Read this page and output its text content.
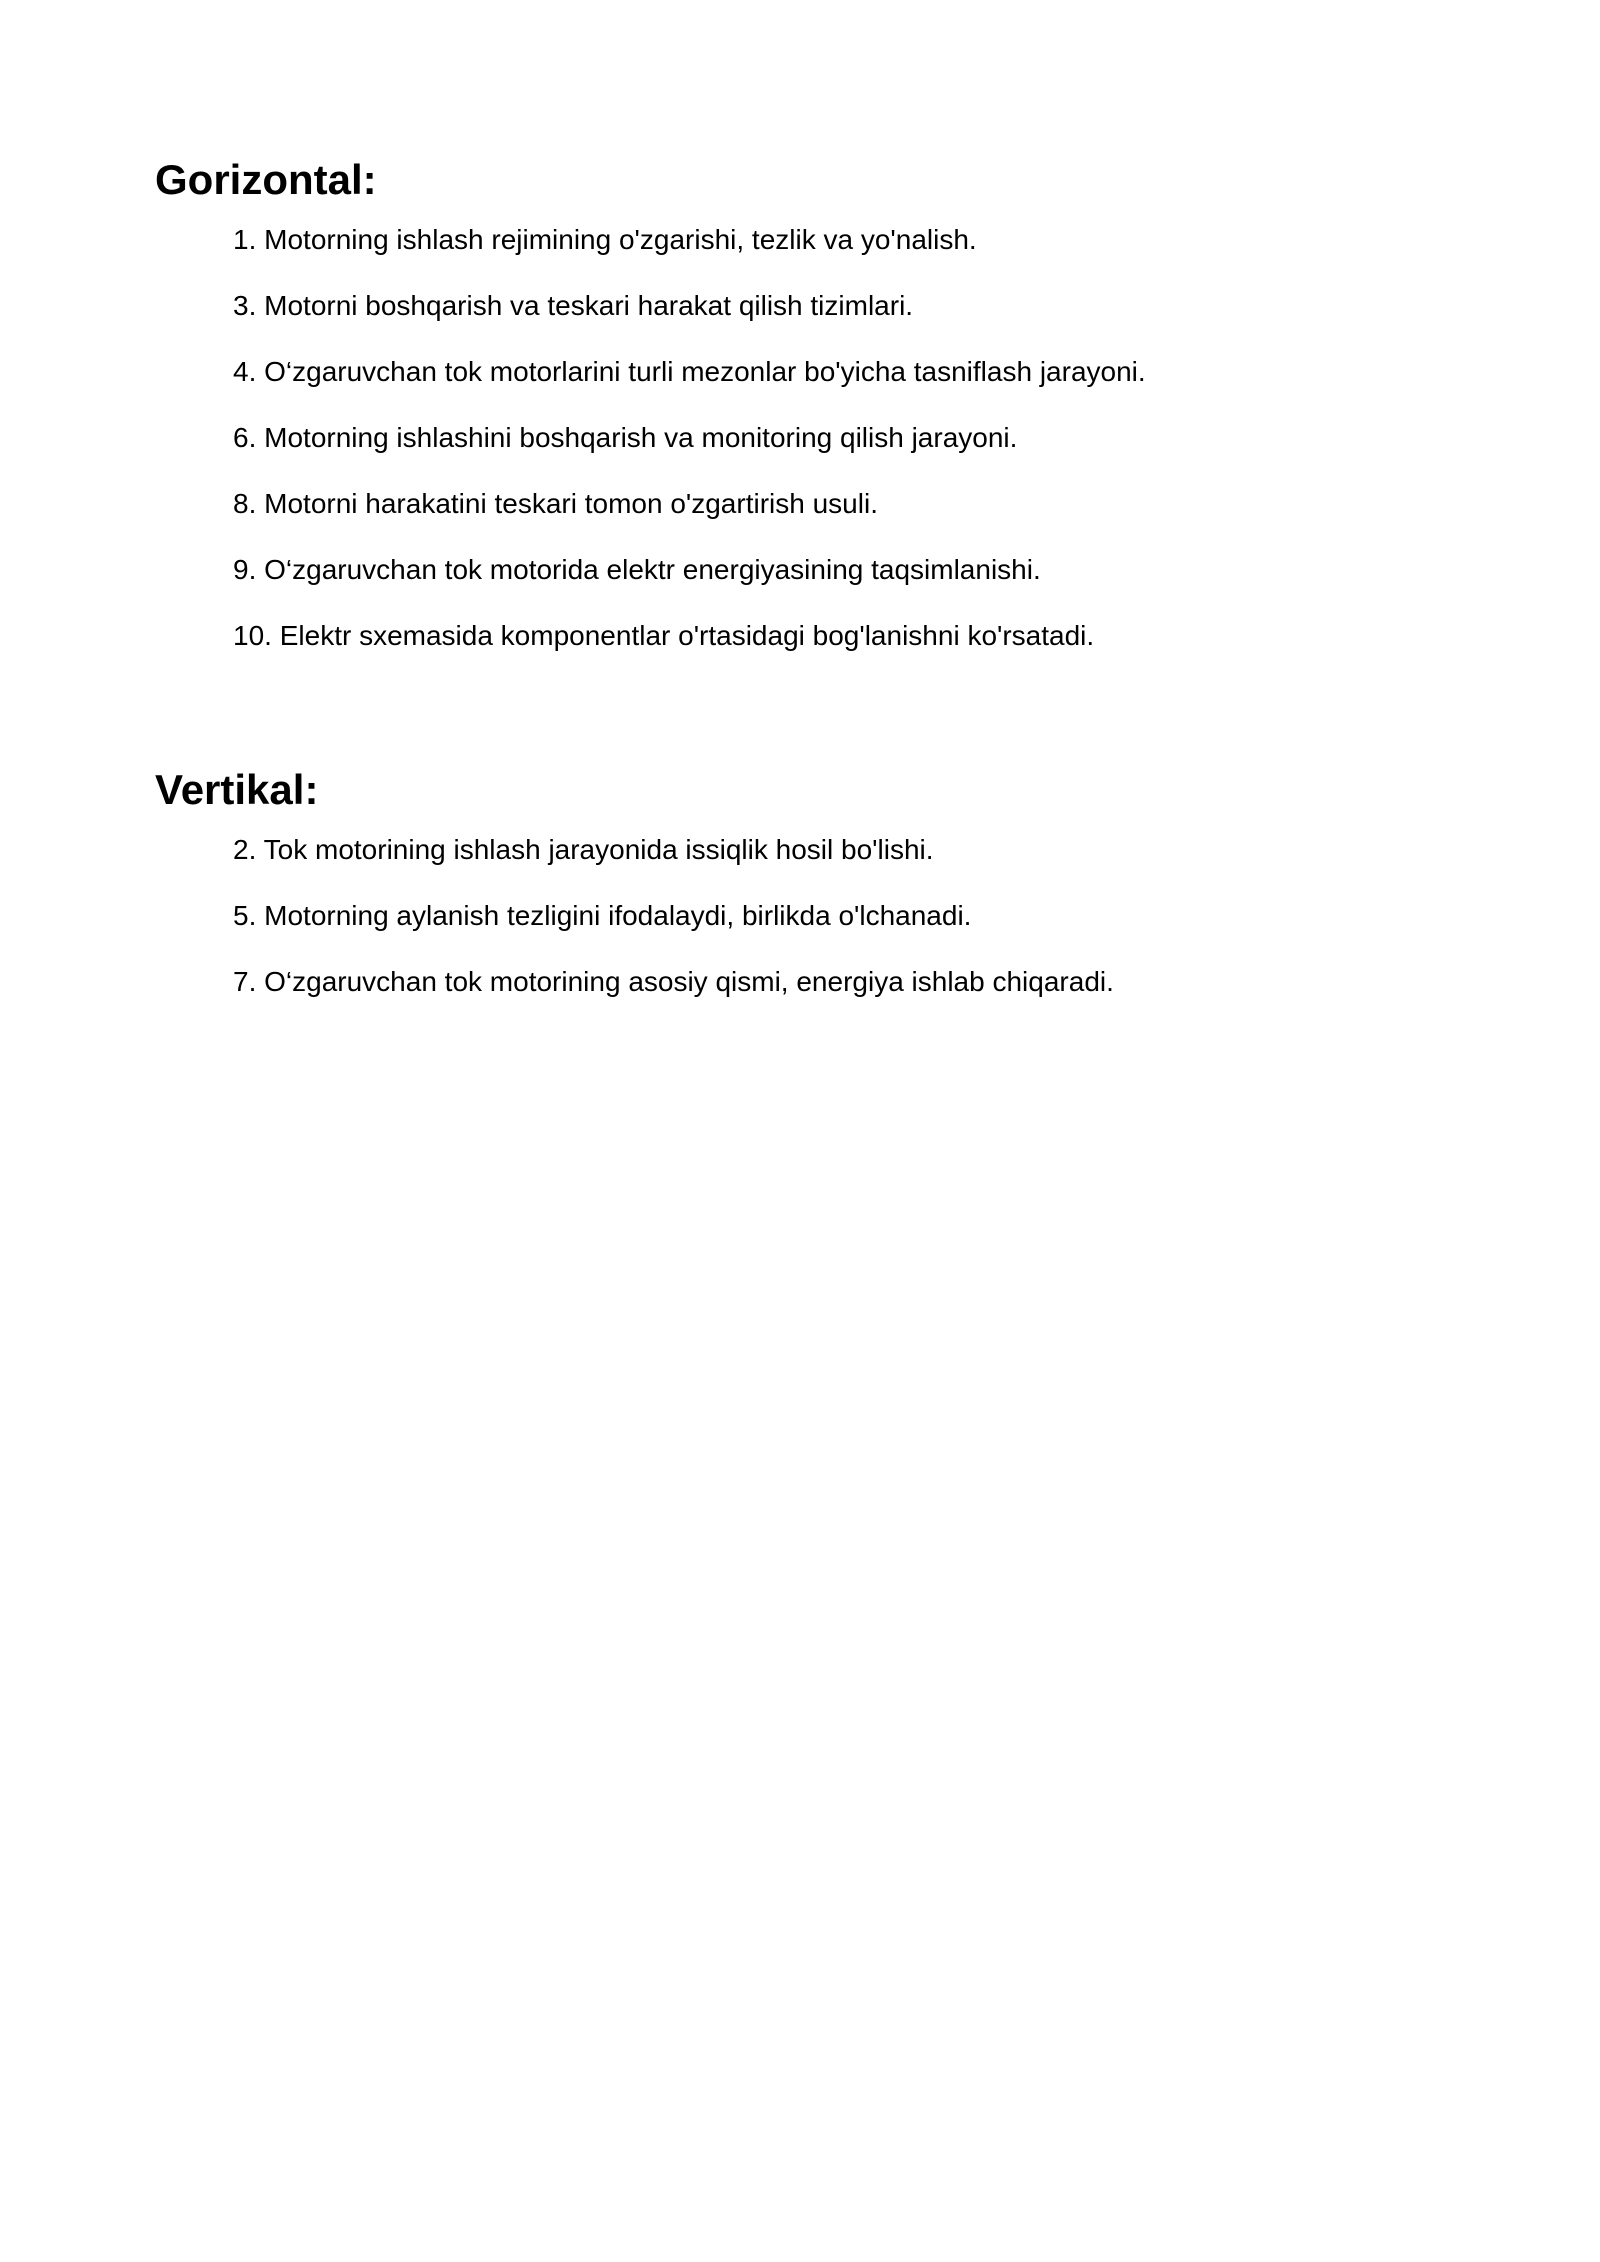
Gorizontal:
1 . Motorning ishlash rejimining o'zgarishi, tezlik va yo'nalish.
3 . Motorni boshqarish va teskari harakat qilish tizimlari.
4 . O‘zgaruvchan tok motorlarini turli mezonlar bo'yicha tasniflash jarayoni.
6 . Motorning ishlashini boshqarish va monitoring qilish jarayoni.
8 . Motorni harakatini teskari tomon o'zgartirish usuli.
9 . O‘zgaruvchan tok motorida elektr energiyasining taqsimlanishi.
10 . Elektr sxemasida komponentlar o'rtasidagi bog'lanishni ko'rsatadi.
Vertikal:
2 . Tok motorining ishlash jarayonida issiqlik hosil bo'lishi.
5 . Motorning aylanish tezligini ifodalaydi, birlikda o'lchanadi.
7 . O‘zgaruvchan tok motorining asosiy qismi, energiya ishlab chiqaradi.
